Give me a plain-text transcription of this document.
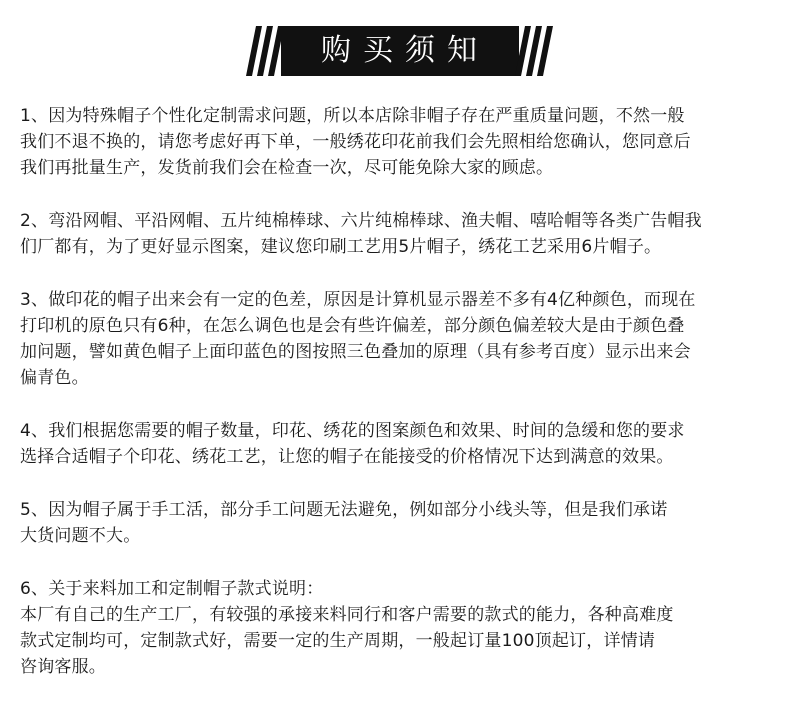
购买须知
1、因为特殊帽子个性化定制需求问题，所以本店除非帽子存在严重质量问题，不然一般
我们不退不换的，请您考虑好再下单，一般绣花印花前我们会先照相给您确认，您同意后
我们再批量生产，发货前我们会在检查一次，尽可能免除大家的顾虑。
2、弯沿网帽、平沿网帽、五片纯棉棒球、六片纯棉棒球、渔夫帽、嘻哈帽等各类广告帽我
们厂都有，为了更好显示图案，建议您印刷工艺用5片帽子，绣花工艺采用6片帽子。
3、做印花的帽子出来会有一定的色差，原因是计算机显示器差不多有4亿种颜色，而现在
打印机的原色只有6种，在怎么调色也是会有些许偏差，部分颜色偏差较大是由于颜色叠
加问题，譬如黄色帽子上面印蓝色的图按照三色叠加的原理（具有参考百度）显示出来会
偏青色。
4、我们根据您需要的帽子数量，印花、绣花的图案颜色和效果、时间的急缓和您的要求
选择合适帽子个印花、绣花工艺，让您的帽子在能接受的价格情况下达到满意的效果。
5、因为帽子属于手工活，部分手工问题无法避免，例如部分小线头等，但是我们承诺
大货问题不大。
6、关于来料加工和定制帽子款式说明：
本厂有自己的生产工厂，有较强的承接来料同行和客户需要的款式的能力，各种高难度
款式定制均可，定制款式好，需要一定的生产周期，一般起订量100顶起订，详情请
咨询客服。
